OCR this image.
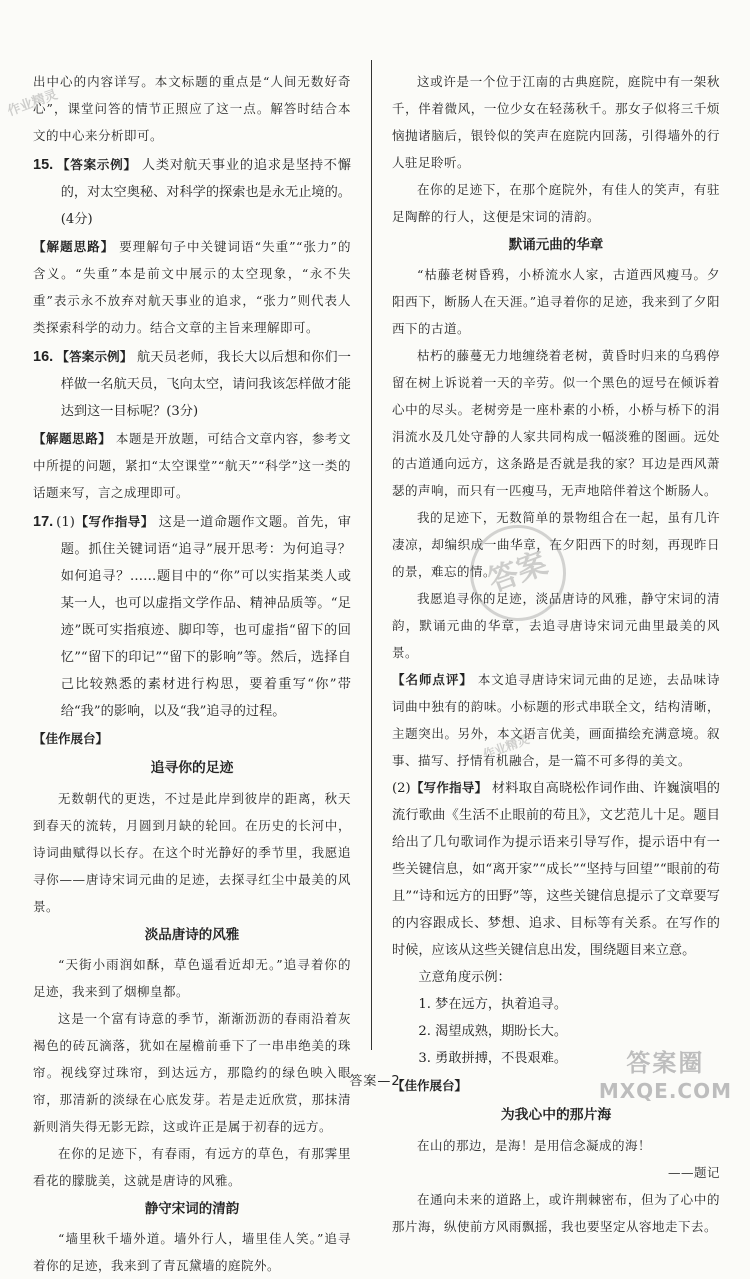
出中心的内容详写。本文标题的重点是“人间无数好奇心”，课堂问答的情节正照应了这一点。解答时结合本文的中心来分析即可。

15. 【答案示例】 人类对航天事业的追求是坚持不懈的，对太空奥秘、对科学的探索也是永无止境的。(4分)

【解题思路】 要理解句子中关键词语“失重”“张力”的含义。“失重”本是前文中展示的太空现象，“永不失重”表示永不放弃对航天事业的追求，“张力”则代表人类探索科学的动力。结合文章的主旨来理解即可。

16. 【答案示例】 航天员老师，我长大以后想和你们一样做一名航天员，飞向太空，请问我该怎样做才能达到这一目标呢？(3分)

【解题思路】 本题是开放题，可结合文章内容，参考文中所提的问题，紧扣“太空课堂”“航天”“科学”这一类的话题来写，言之成理即可。

17. (1)【写作指导】 这是一道命题作文题。首先，审题。抓住关键词语“追寻”展开思考：为何追寻？如何追寻？……题目中的“你”可以实指某类人或某一人，也可以虚指文学作品、精神品质等。“足迹”既可实指痕迹、脚印等，也可虚指“留下的回忆”“留下的印记”“留下的影响”等。然后，选择自己比较熟悉的素材进行构思，要着重写“你”带给“我”的影响，以及“我”追寻的过程。

【佳作展台】

追寻你的足迹

无数朝代的更迭，不过是此岸到彼岸的距离，秋天到春天的流转，月圆到月缺的轮回。在历史的长河中，诗词曲赋得以长存。在这个时光静好的季节里，我愿追寻你——唐诗宋词元曲的足迹，去探寻红尘中最美的风景。

淡品唐诗的风雅

“天街小雨润如酥，草色遥看近却无。”追寻着你的足迹，我来到了烟柳皇都。

这是一个富有诗意的季节，渐渐沥沥的春雨沿着灰褐色的砖瓦滴落，犹如在屋檐前垂下了一串串绝美的珠帘。视线穿过珠帘，到达远方，那隐约的绿色映入眼帘，那清新的淡绿在心底发芽。若是走近欣赏，那抹清新则消失得无影无踪，这或许正是属于初春的远方。

在你的足迹下，有春雨，有远方的草色，有那霁里看花的朦胧美，这就是唐诗的风雅。

静守宋词的清韵

“墙里秋千墙外道。墙外行人，墙里佳人笑。”追寻着你的足迹，我来到了青瓦黛墙的庭院外。

这或许是一个位于江南的古典庭院，庭院中有一架秋千，伴着微风，一位少女在轻荡秋千。那女子似将三千烦恼抛诸脑后，银铃似的笑声在庭院内回荡，引得墙外的行人驻足聆听。

在你的足迹下，在那个庭院外，有佳人的笑声，有驻足陶醉的行人，这便是宋词的清韵。

默诵元曲的华章

“枯藤老树昏鸦，小桥流水人家，古道西风瘦马。夕阳西下，断肠人在天涯。”追寻着你的足迹，我来到了夕阳西下的古道。

枯朽的藤蔓无力地缠绕着老树，黄昏时归来的乌鸦停留在树上诉说着一天的辛劳。似一个黑色的逗号在倾诉着心中的尽头。老树旁是一座朴素的小桥，小桥与桥下的涓涓流水及几处守静的人家共同构成一幅淡雅的图画。远处的古道通向远方，这条路是否就是我的家？耳边是西风萧瑟的声响，而只有一匹瘦马，无声地陪伴着这个断肠人。

我的足迹下，无数简单的景物组合在一起，虽有几许凄凉，却编织成一曲华章，在夕阳西下的时刻，再现昨日的景，难忘的情。

我愿追寻你的足迹，淡品唐诗的风雅，静守宋词的清韵，默诵元曲的华章，去追寻唐诗宋词元曲里最美的风景。

【名师点评】 本文追寻唐诗宋词元曲的足迹，去品味诗词曲中独有的韵味。小标题的形式串联全文，结构清晰，主题突出。另外，本文语言优美，画面描绘充满意境。叙事、描写、抒情有机融合，是一篇不可多得的美文。

(2)【写作指导】 材料取自高晓松作词作曲、许巍演唱的流行歌曲《生活不止眼前的苟且》，文艺范儿十足。题目给出了几句歌词作为提示语来引导写作，提示语中有一些关键信息，如“离开家”“成长”“坚持与回望”“眼前的苟且”“诗和远方的田野”等，这些关键信息提示了文章要写的内容跟成长、梦想、追求、目标等有关系。在写作的时候，应该从这些关键信息出发，围绕题目来立意。

立意角度示例：

1. 梦在远方，执着追寻。

2. 渴望成熟，期盼长大。

3. 勇敢拼搏，不畏艰难。

【佳作展台】

为我心中的那片海

在山的那边，是海！是用信念凝成的海！

——题记

在通向未来的道路上，或许荆棘密布，但为了心中的那片海，纵使前方风雨飘摇，我也要坚定从容地走下去。

作业精灵
作业精灵
答案
答案圈
MXQE.COM
答案—2
